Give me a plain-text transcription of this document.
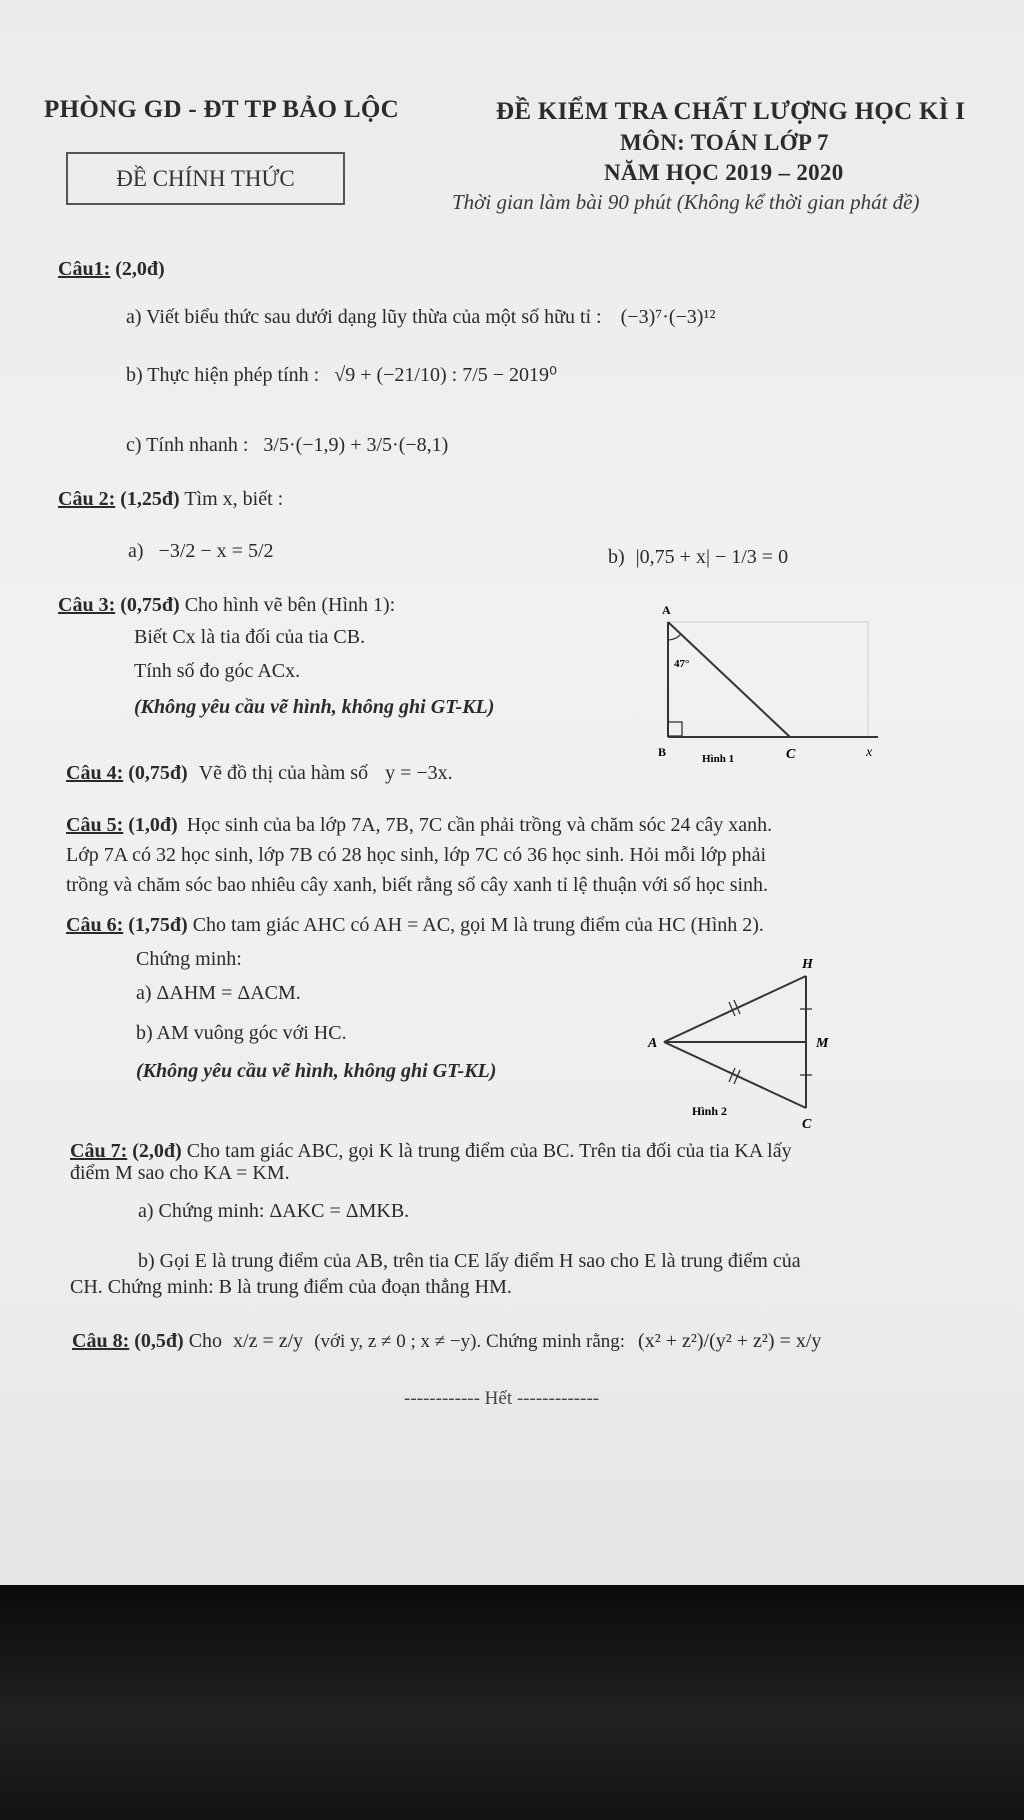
PHÒNG GD - ĐT TP BẢO LỘC	ĐỀ KIỂM TRA CHẤT LƯỢNG HỌC KÌ I
MÔN: TOÁN LỚP 7
ĐỀ CHÍNH THỨC	NĂM HỌC 2019 – 2020
Thời gian làm bài 90 phút (Không kể thời gian phát đề)
Câu1: (2,0đ)
a) Viết biểu thức sau dưới dạng lũy thừa của một số hữu tỉ : (−3)⁷·(−3)¹²
b) Thực hiện phép tính : √9 + (−21/10) : 7/5 − 2019⁰
c) Tính nhanh : 3/5·(−1,9) + 3/5·(−8,1)
Câu 2: (1,25đ) Tìm x, biết :
a) −3/2 − x = 5/2	b) |0,75 + x| − 1/3 = 0
Câu 3: (0,75đ) Cho hình vẽ bên (Hình 1):
Biết Cx là tia đối của tia CB.
Tính số đo góc ACx.
(Không yêu cầu vẽ hình, không ghi GT-KL)
A
B	C	x
47°
Hình 1
Câu 4: (0,75đ) Vẽ đồ thị của hàm số y = −3x.
Câu 5: (1,0đ) Học sinh của ba lớp 7A, 7B, 7C cần phải trồng và chăm sóc 24 cây xanh.
Lớp 7A có 32 học sinh, lớp 7B có 28 học sinh, lớp 7C có 36 học sinh. Hỏi mỗi lớp phải
trồng và chăm sóc bao nhiêu cây xanh, biết rằng số cây xanh tỉ lệ thuận với số học sinh.
Câu 6: (1,75đ) Cho tam giác AHC có AH = AC, gọi M là trung điểm của HC (Hình 2).
Chứng minh:
a) ΔAHM = ΔACM.
b) AM vuông góc với HC.
(Không yêu cầu vẽ hình, không ghi GT-KL)
H
A	M
C
Hình 2
Câu 7: (2,0đ) Cho tam giác ABC, gọi K là trung điểm của BC. Trên tia đối của tia KA lấy
điểm M sao cho KA = KM.
a) Chứng minh: ΔAKC = ΔMKB.
b) Gọi E là trung điểm của AB, trên tia CE lấy điểm H sao cho E là trung điểm của
CH. Chứng minh: B là trung điểm của đoạn thẳng HM.
Câu 8: (0,5đ) Cho x/z = z/y (với y, z ≠ 0 ; x ≠ −y). Chứng minh rằng: (x² + z²)/(y² + z²) = x/y
------------ Hết -------------
